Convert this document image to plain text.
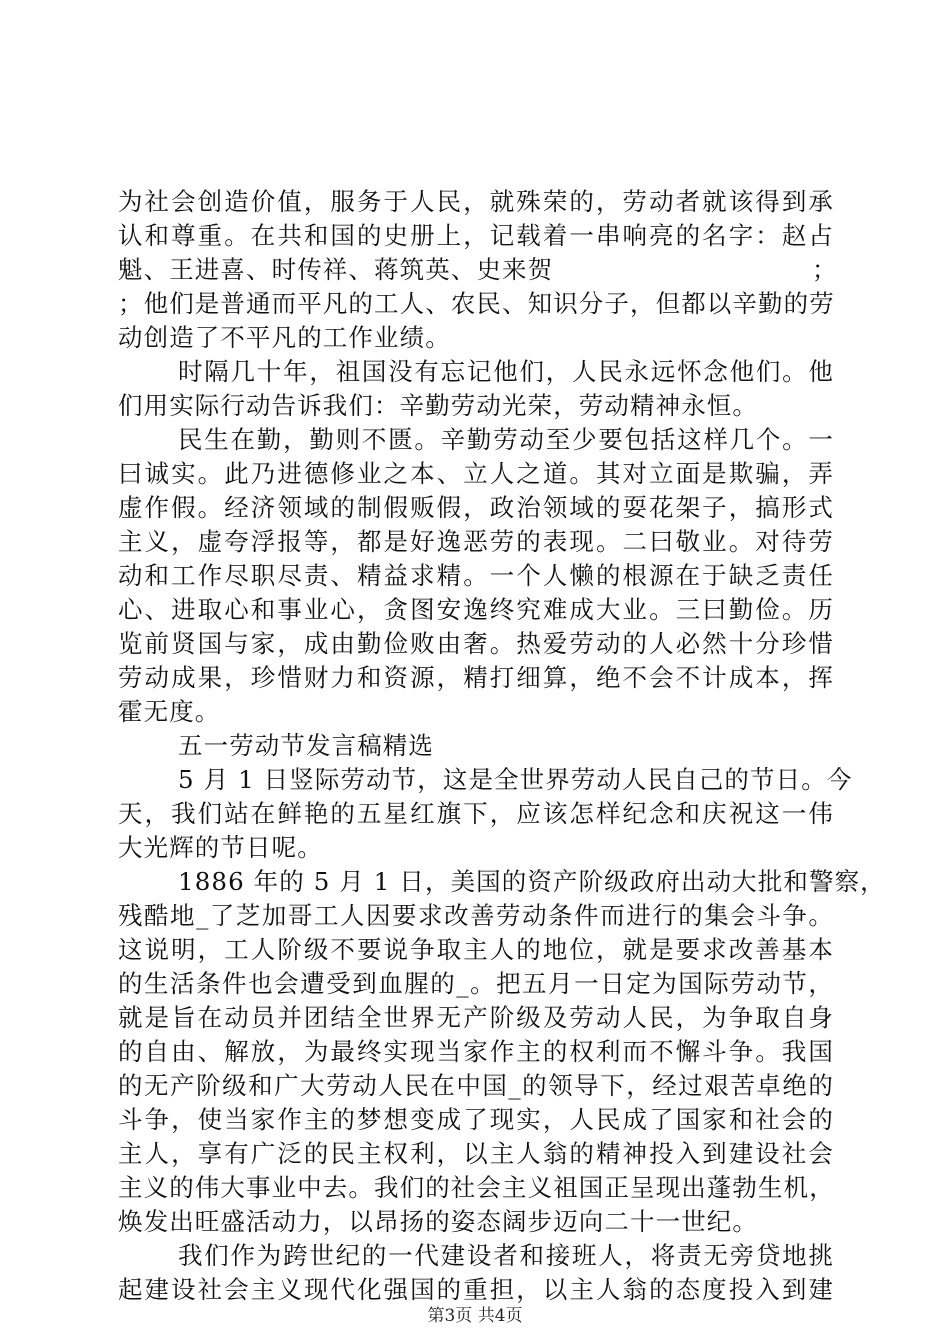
为社会创造价值，服务于人民，就殊荣的，劳动者就该得到承
认和尊重。在共和国的史册上，记载着一串响亮的名字：赵占
魁、王进喜、时传祥、蒋筑英、史来贺	；
；他们是普通而平凡的工人、农民、知识分子，但都以辛勤的劳
动创造了不平凡的工作业绩。
时隔几十年，祖国没有忘记他们，人民永远怀念他们。他
们用实际行动告诉我们：辛勤劳动光荣，劳动精神永恒。
民生在勤，勤则不匮。辛勤劳动至少要包括这样几个。一
曰诚实。此乃进德修业之本、立人之道。其对立面是欺骗，弄
虚作假。经济领域的制假贩假，政治领域的耍花架子，搞形式
主义，虚夸浮报等，都是好逸恶劳的表现。二曰敬业。对待劳
动和工作尽职尽责、精益求精。一个人懒的根源在于缺乏责任
心、进取心和事业心，贪图安逸终究难成大业。三曰勤俭。历
览前贤国与家，成由勤俭败由奢。热爱劳动的人必然十分珍惜
劳动成果，珍惜财力和资源，精打细算，绝不会不计成本，挥
霍无度。
五一劳动节发言稿精选
5 月 1 日竖际劳动节，这是全世界劳动人民自己的节日。今
天，我们站在鲜艳的五星红旗下，应该怎样纪念和庆祝这一伟
大光辉的节日呢。
1886 年的 5 月 1 日，美国的资产阶级政府出动大批和警察，
残酷地_了芝加哥工人因要求改善劳动条件而进行的集会斗争。
这说明，工人阶级不要说争取主人的地位，就是要求改善基本
的生活条件也会遭受到血腥的_。把五月一日定为国际劳动节，
就是旨在动员并团结全世界无产阶级及劳动人民，为争取自身
的自由、解放，为最终实现当家作主的权利而不懈斗争。我国
的无产阶级和广大劳动人民在中国_的领导下，经过艰苦卓绝的
斗争，使当家作主的梦想变成了现实，人民成了国家和社会的
主人，享有广泛的民主权利，以主人翁的精神投入到建设社会
主义的伟大事业中去。我们的社会主义祖国正呈现出蓬勃生机，
焕发出旺盛活动力，以昂扬的姿态阔步迈向二十一世纪。
我们作为跨世纪的一代建设者和接班人，将责无旁贷地挑
起建设社会主义现代化强国的重担，以主人翁的态度投入到建
第3页 共4页
